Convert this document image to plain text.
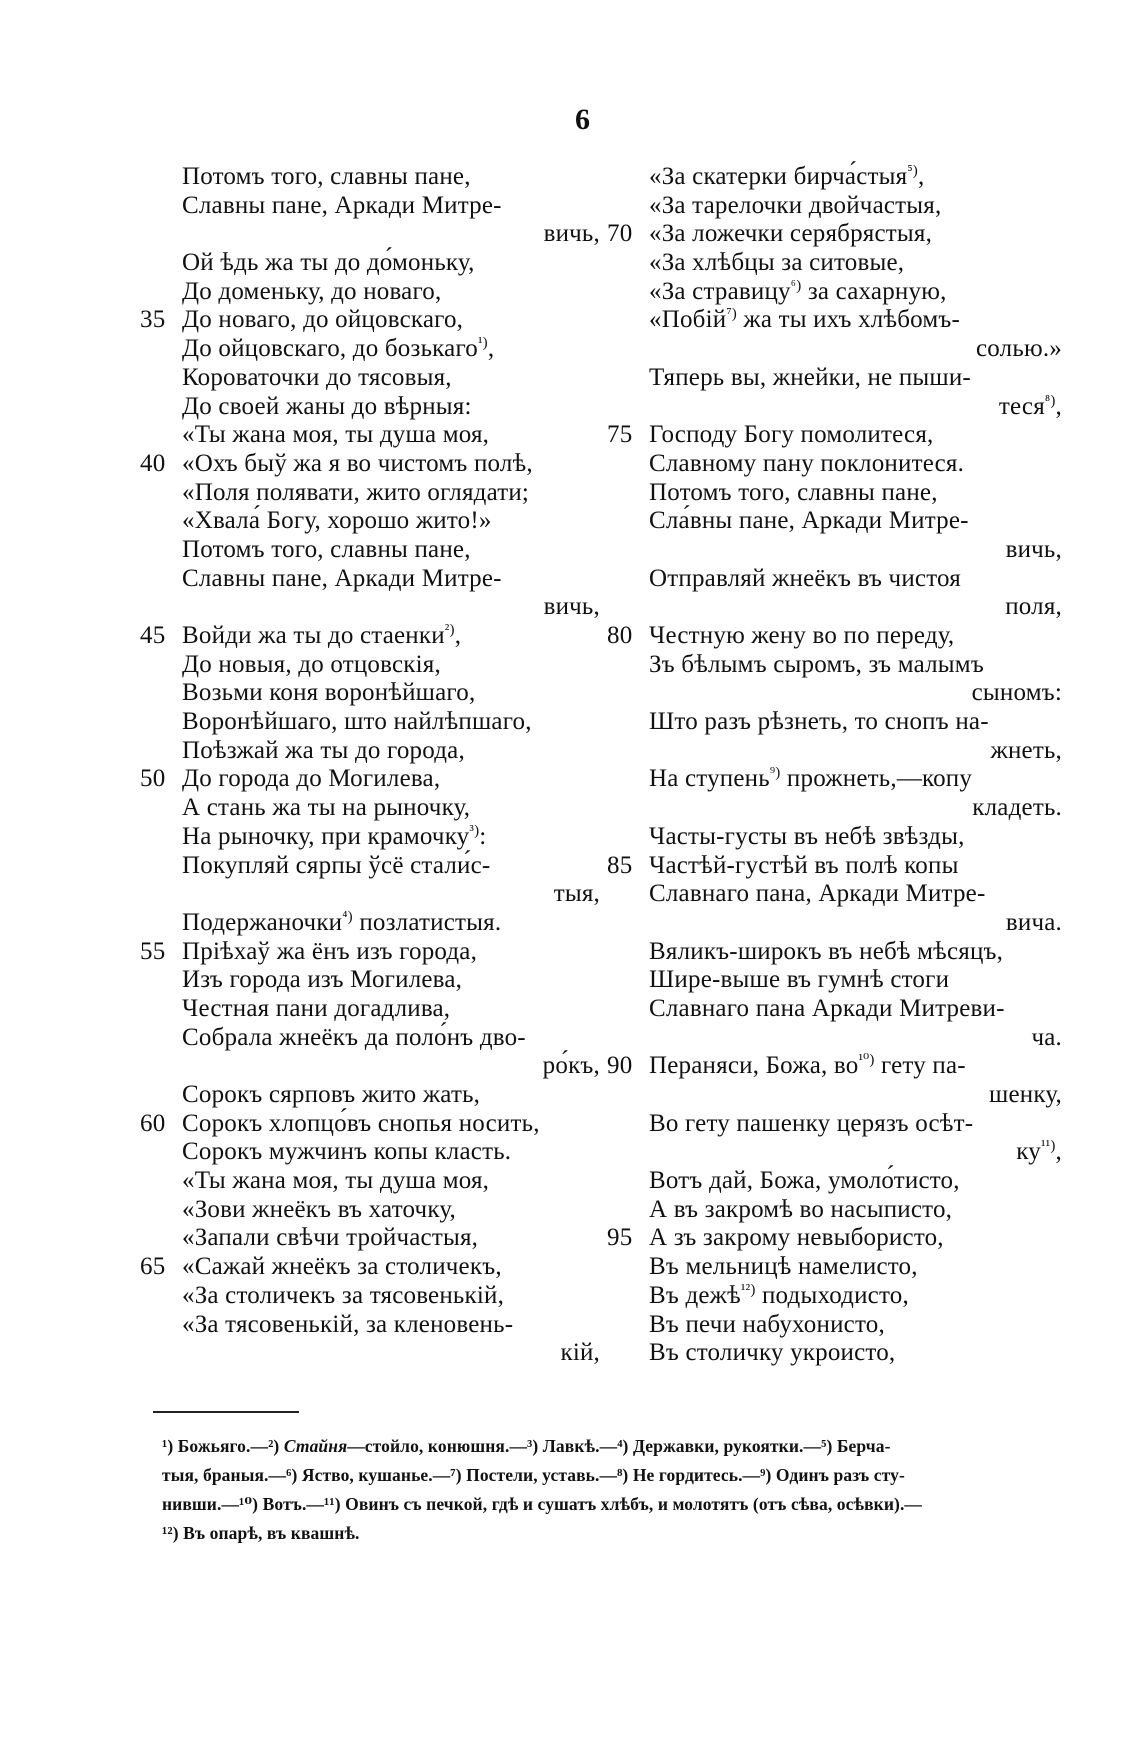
6
Потомъ того, славны пане,
Славны пане, Аркади Митре-
вичь,
Ой ѣдь жа ты до до́моньку,
До доменьку, до новаго,
35 До новаго, до ойцовскаго,
До ойцовскаго, до бозькаго$^{^1)}$,
Короваточки до тясовыя,
До своей жаны до вѣрныя:
«Ты жана моя, ты душа моя,
40 «Охъ быў жа я во чистомъ полѣ,
«Поля полявати, жито оглядати;
«Хвала́ Богу, хорошо жито!»
Потомъ того, славны пане,
Славны пане, Аркади Митре-
вичь,
45 Войди жа ты до стаенки$^{^2)}$,
До новыя, до отцовскія,
Возьми коня воронѣйшаго,
Воронѣйшаго, што найлѣпшаго,
Поѣзжай жа ты до города,
50 До города до Могилева,
А стань жа ты на рыночку,
На рыночку, при крамочку$^{^3)}$:
Покупляй сярпы ўсё стали́с-
тыя,
Подержаночки$^{^4)}$ позлатистыя.
55 Пріѣхаў жа ёнъ изъ города,
Изъ города изъ Могилева,
Честная пани догадлива,
Собрала жнеёкъ да поло́нъ дво-
ро́къ,
Сорокъ сярповъ жито жать,
60 Сорокъ хлопцо́въ снопья носить,
Сорокъ мужчинъ копы класть.
«Ты жана моя, ты душа моя,
«Зови жнеёкъ въ хаточку,
«Запали свѣчи тройчастыя,
65 «Сажай жнеёкъ за столичекъ,
«За столичекъ за тясовенькій,
«За тясовенькій, за кленовень-
кій,
«За скатерки бирча́стыя$^{^5)}$,
«За тарелочки двойчастыя,
70 «За ложечки серябрястыя,
«За хлѣбцы за ситовые,
«За стравицу$^{^6)}$ за сахарную,
«Побій$^{^7)}$ жа ты ихъ хлѣбомъ-
солью.»
Тяперь вы, жнейки, не пыши-
теся$^{^8)}$,
75 Господу Богу помолитеся,
Славному пану поклонитеся.
Потомъ того, славны пане,
Сла́вны пане, Аркади Митре-
вичь,
Отправляй жнеёкъ въ чистоя
поля,
80 Честную жену во по переду,
Зъ бѣлымъ сыромъ, зъ малымъ
сыномъ:
Што разъ рѣзнеть, то снопъ на-
жнеть,
На ступень$^{^9)}$ прожнеть,—копу
кладеть.
Часты-густы въ небѣ звѣзды,
85 Частѣй-густѣй въ полѣ копы
Славнаго пана, Аркади Митре-
вича.
Вяликъ-широкъ въ небѣ мѣсяцъ,
Шире-выше въ гумнѣ стоги
Славнаго пана Аркади Митреви-
ча.
90 Пераняси, Божа, $во^{^{10})}$ гету па-
шенку,
Во гету пашенку церязъ осѣт-
$ку^{^{11})}$,
Вотъ дай, Божа, умоло́тисто,
А въ закромѣ во насыписто,
95 А зъ закрому невыбористо,
Въ мельницѣ намелисто,
Въ дежѣ$^{^{12})}$ подыходисто,
Въ печи набухонисто,
Въ столичку укроисто,
¹) Божьяго.—²) Стайня—стойло, конюшня.—³) Лавкѣ.—⁴) Державки, рукоятки.—⁵) Берча-
тыя, браныя.—⁶) Яство, кушанье.—⁷) Постели, уставь.—⁸) Не гордитесь.—⁹) Одинъ разъ сту-
нивши.—¹⁰) Вотъ.—¹¹) Овинъ съ печкой, гдѣ и сушатъ хлѣбъ, и молотятъ (отъ сѣва, осѣвки).—
¹²) Въ опарѣ, въ квашнѣ.
